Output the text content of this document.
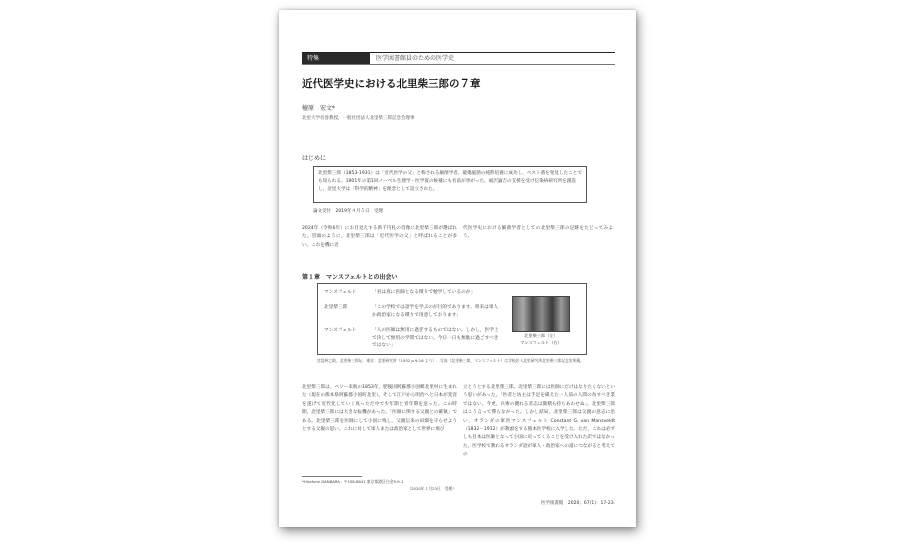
特集	医学図書館員のための医学史
近代医学史における北里柴三郎の７章
檀原　宏文*
北里大学名誉教授，一般社団法人北里柴三郎記念会理事
はじめに
北里柴三郎（1853-1931）は「近代医学の父」と称される細菌学者。破傷風菌の純粋培養に成功し，ペスト菌を発見したことでも知られる。1901年の第1回ノーベル生理学・医学賞の候補にも名前が挙がった。福沢諭吉の支援を受け伝染病研究所を創設し，北里大学は「科学的精神」を理念として設立された。
論文受付　2019年４月５日　受理
2024年（令和6年）にお目見えする新千円札の肖像に北里柴三郎が選ばれた。冒頭のように，北里柴三郎は「近代医学の父」と呼ばれることが多い。これを機に近
代医学史における細菌学者としての北里柴三郎の足跡をたどってみよう。
第１章　マンスフェルトとの出会い
マンスフェルト	「君は真に医師となる積りで勉学しているのか」
北里柴三郎	「この学校では語学を学ぶのが目的であります。将来は軍人か政治家になる積りで用意しております」
マンスフェルト	「人の医師は無用に過ぎするものではない。しかし，医学上で決して無用の学問ではない。今日一日も無駄に過ごすべきではない」
北里柴三郎（左）
マンスフェルト（右）
宮島幹之助，北里柴三郎伝．東京：北里研究所（1932 p.9-16 より）．写真（北里柴三郎，マンスフェルト）は学校法人北里研究所北里柴三郎記念室所蔵。
北里柴三郎は，ペリー来航の1853年，肥後国阿蘇郡小国郷北里村に生まれた（現在の熊本県阿蘇郡小国町北里）。そして江戸から明治へと日本が変容を遂げて近代化していく真っただ中で少年期と青年期を送った。この時期，北里柴三郎には大きな転機があった。「医師に関する父親との確執」である。北里柴三郎を医師にして小国に残し，父親伝来の田畑を守らせようとする父親の思い。これに対して軍人または政治家として世界に飛び
立とうとする北里柴三郎。北里柴三郎には医師にだけはなりたくないという思いがあった。「医者と坊主は手足を備えた一人前の人間の為すべき業ではない。今更，兵術の優れる者志は微積も持ちあわせぬ」。北里柴三郎はこう言って憚らなかった。しかし結局，北里柴三郎は父親の意志に沿い，オランダの軍医マンスフェルト Constant G. van Mansveldt（1832－1912）が教頭をする熊本医学校に入学した。ただ，これは必ずしも目本は医師となって小国に戻ってくることを受け入れた訳ではなかった。医学校で教わるオランダ語が軍人・政治家への道につながると考えての
*Hirofumi DANBARA : 〒108-8641 東京都港区白金5-9-1
（2020年１月23日　受理）
医学図書館　2020；67(1)：17-23.
